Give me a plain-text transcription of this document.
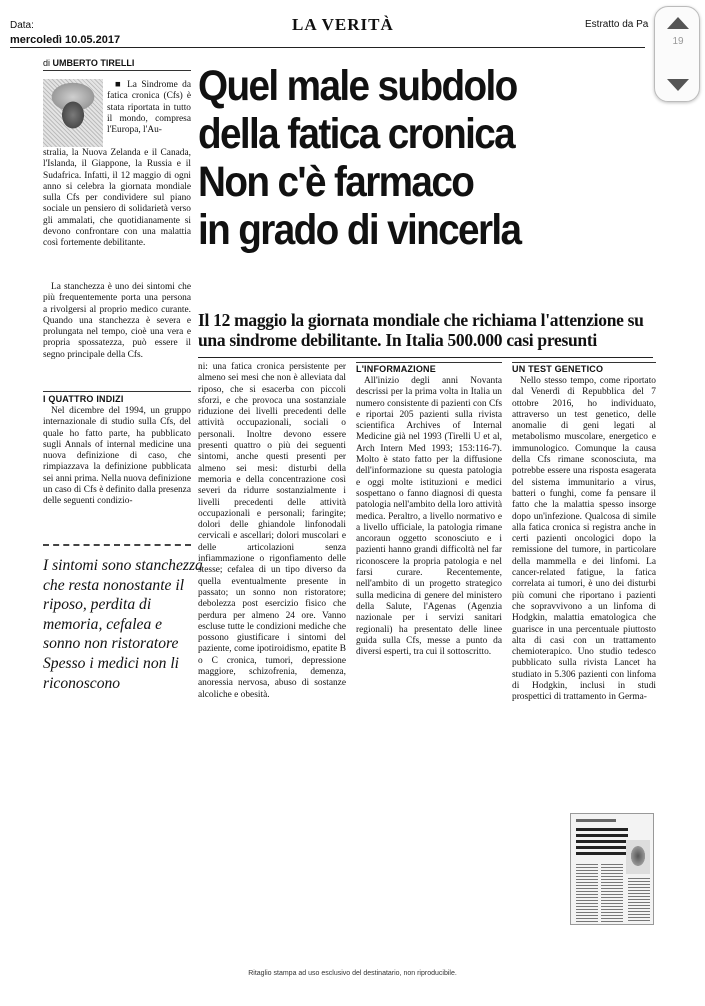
Data:
mercoledì 10.05.2017
LA VERITÀ	Estratto da Pa
19
di UMBERTO TIRELLI

■ La Sindrome da fatica cronica (Cfs) è stata riportata in tutto il mondo, compresa l'Europa, l'Au-

stralia, la Nuova Zelanda e il Canada, l'Islanda, il Giappone, la Russia e il Sudafrica. Infatti, il 12 maggio di ogni anno si celebra la giornata mondiale sulla Cfs per condividere sul piano sociale un pensiero di solidarietà verso gli ammalati, che quotidianamente si devono confrontare con una malattia così fortemente debilitante.

La stanchezza è uno dei sintomi che più frequentemente porta una persona a rivolgersi al proprio medico curante. Quando una stanchezza è severa e prolungata nel tempo, cioè una vera e propria spossatezza, può essere il segno principale della Cfs.

I QUATTRO INDIZI

Nel dicembre del 1994, un gruppo internazionale di studio sulla Cfs, del quale ho fatto parte, ha pubblicato sugli Annals of internal medicine una nuova definizione di caso, che rimpiazzava la definizione pubblicata sei anni prima. Nella nuova definizione un caso di Cfs è definito dalla presenza delle seguenti condizio-

I sintomi sono stanchezza che resta nonostante il riposo, perdita di memoria, cefalea e sonno non ristoratore Spesso i medici non li riconoscono
Quel male subdolo
della fatica cronica
Non c'è farmaco
in grado di vincerla
Il 12 maggio la giornata mondiale che richiama l'attenzione su una sindrome debilitante. In Italia 500.000 casi presunti

ni: una fatica cronica persistente per almeno sei mesi che non è alleviata dal riposo, che si esacerba con piccoli sforzi, e che provoca una sostanziale riduzione dei livelli precedenti delle attività occupazionali, sociali o personali. Inoltre devono essere presenti quattro o più dei seguenti sintomi, anche questi presenti per almeno sei mesi: disturbi della memoria e della concentrazione così severi da ridurre sostanzialmente i livelli precedenti delle attività occupazionali e personali; faringite; dolori delle ghiandole linfonodali cervicali e ascellari; dolori muscolari e delle articolazioni senza infiammazione o rigonfiamento delle stesse; cefalea di un tipo diverso da quella eventualmente presente in passato; un sonno non ristoratore; debolezza post esercizio fisico che perdura per almeno 24 ore. Vanno escluse tutte le condizioni mediche che possono giustificare i sintomi del paziente, come ipotiroidismo, epatite B o C cronica, tumori, depressione maggiore, schizofrenia, demenza, anoressia nervosa, abuso di sostanze alcoliche e obesità.

L'INFORMAZIONE

All'inizio degli anni Novanta descrissi per la prima volta in Italia un numero consistente di pazienti con Cfs e riportai 205 pazienti sulla rivista scientifica Archives of Internal Medicine già nel 1993 (Tirelli U et al, Arch Intern Med 1993; 153:116-7). Molto è stato fatto per la diffusione dell'informazione su questa patologia e oggi molte istituzioni e medici sospettano o fanno diagnosi di questa patologia nell'ambito della loro attività medica. Peraltro, a livello normativo e a livello ufficiale, la patologia rimane ancoraun oggetto sconosciuto e i pazienti hanno grandi difficoltà nel far riconoscere la propria patologia e nel farsi curare. Recentemente, nell'ambito di un progetto strategico sulla medicina di genere del ministero della Salute, l'Agenas (Agenzia nazionale per i servizi sanitari regionali) ha presentato delle linee guida sulla Cfs, messe a punto da diversi esperti, tra cui il sottoscritto.

UN TEST GENETICO

Nello stesso tempo, come riportato dal Venerdì di Repubblica del 7 ottobre 2016, ho individuato, attraverso un test genetico, delle anomalie di geni legati al metabolismo muscolare, energetico e immunologico. Comunque la causa della Cfs rimane sconosciuta, ma potrebbe essere una risposta esagerata del sistema immunitario a virus, batteri o funghi, come fa pensare il fatto che la malattia spesso insorge dopo un'infezione. Qualcosa di simile alla fatica cronica si registra anche in certi pazienti oncologici dopo la remissione del tumore, in particolare della mammella e dei linfomi. La cancer-related fatigue, la fatica correlata ai tumori, è uno dei disturbi più comuni che riportano i pazienti che sopravvivono a un linfoma di Hodgkin, malattia ematologica che guarisce in una percentuale piuttosto alta di casi con un trattamento chemioterapico. Uno studio tedesco pubblicato sulla rivista Lancet ha studiato in 5.306 pazienti con linfoma di Hodgkin, inclusi in studi prospettici di trattamento in Germa-

Ritaglio stampa ad uso esclusivo del destinatario, non riproducibile.
